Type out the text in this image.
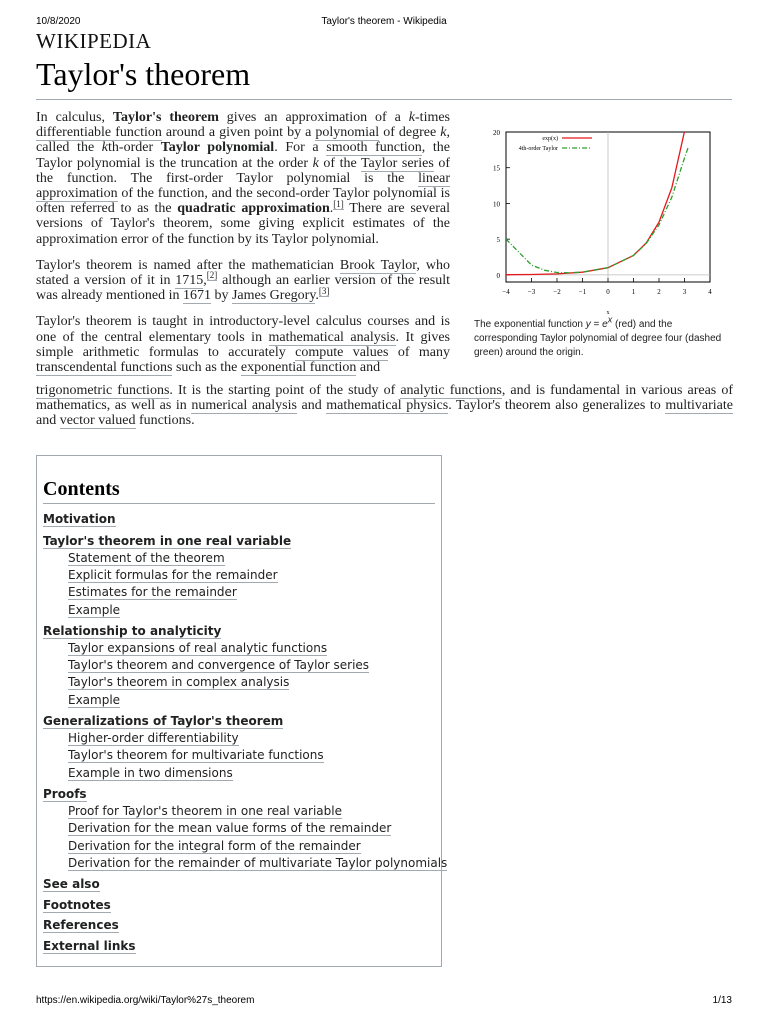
10/8/2020	Taylor's theorem - Wikipedia
WIKIPEDIA
Taylor's theorem

In calculus, Taylor's theorem gives an approximation of a k-times differentiable function around a given point by a polynomial of degree k, called the kth-order Taylor polynomial. For a smooth function, the Taylor polynomial is the truncation at the order k of the Taylor series of the function. The first-order Taylor polynomial is the linear approximation of the function, and the second-order Taylor polynomial is often referred to as the quadratic approximation.[1] There are several versions of Taylor's theorem, some giving explicit estimates of the approximation error of the function by its Taylor polynomial.

Taylor's theorem is named after the mathematician Brook Taylor, who stated a version of it in 1715,[2] although an earlier version of the result was already mentioned in 1671 by James Gregory.[3]

Taylor's theorem is taught in introductory-level calculus courses and is one of the central elementary tools in mathematical analysis. It gives simple arithmetic formulas to accurately compute values of many transcendental functions such as the exponential function and

trigonometric functions. It is the starting point of the study of analytic functions, and is fundamental in various areas of mathematics, as well as in numerical analysis and mathematical physics. Taylor's theorem also generalizes to multivariate and vector valued functions.
0
5
10
15
20
−4	−3	−2	−1	0	1	2	3	4
x
exp(x)
4th-order Taylor
The exponential function $y = e^x$ (red) and the corresponding Taylor polynomial of degree four (dashed green) around the origin.
Contents
Motivation
Taylor's theorem in one real variable
Statement of the theorem
Explicit formulas for the remainder
Estimates for the remainder
Example
Relationship to analyticity
Taylor expansions of real analytic functions
Taylor's theorem and convergence of Taylor series
Taylor's theorem in complex analysis
Example
Generalizations of Taylor's theorem
Higher-order differentiability
Taylor's theorem for multivariate functions
Example in two dimensions
Proofs
Proof for Taylor's theorem in one real variable
Derivation for the mean value forms of the remainder
Derivation for the integral form of the remainder
Derivation for the remainder of multivariate Taylor polynomials
See also
Footnotes
References
External links
https://en.wikipedia.org/wiki/Taylor%27s_theorem	1/13
